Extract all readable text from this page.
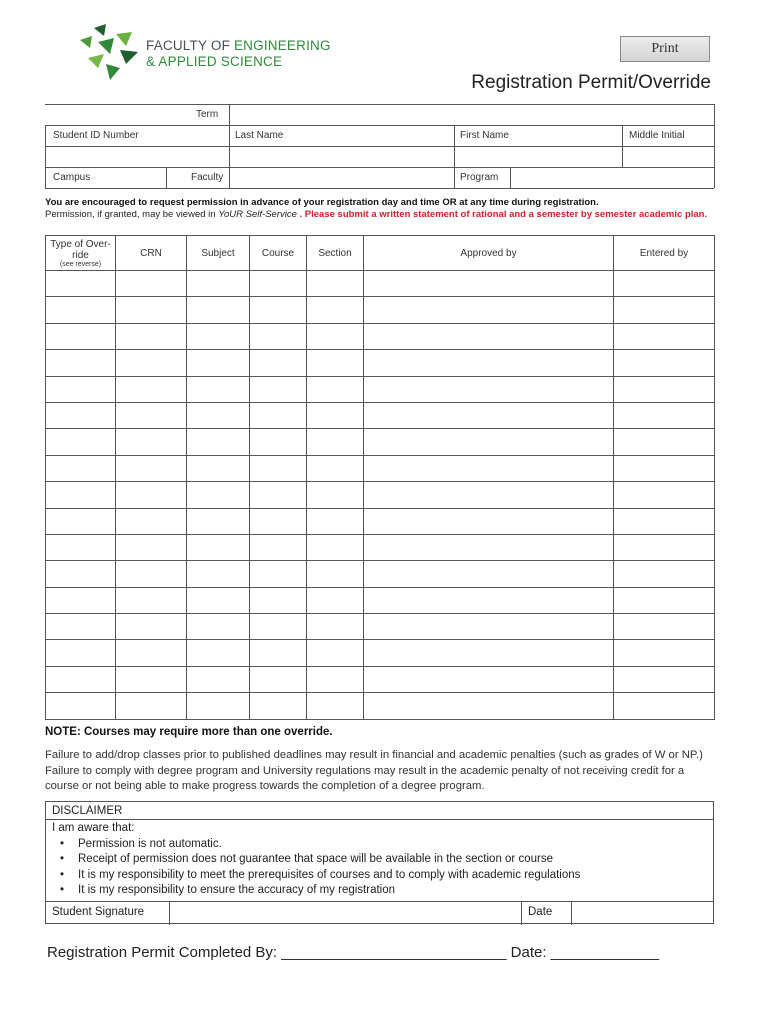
FACULTY OF ENGINEERING
& APPLIED SCIENCE
Print
Registration Permit/Override
Term
Student ID Number	Last Name	First Name	Middle Initial
Campus	Faculty	Program
You are encouraged to request permission in advance of your registration day and time OR at any time during registration.
Permission, if granted, may be viewed in YoUR Self-Service . Please submit a written statement of rational and a semester by semester academic plan.
Type of Over-ride
(see reverse)	CRN	Subject	Course	Section	Approved by	Entered by

NOTE: Courses may require more than one override.
Failure to add/drop classes prior to published deadlines may result in financial and academic penalties (such as grades of W or NP.) Failure to comply with degree program and University regulations may result in the academic penalty of not receiving credit for a course or not being able to make progress towards the completion of a degree program.
DISCLAIMER
I am aware that:
• Permission is not automatic.
• Receipt of permission does not guarantee that space will be available in the section or course
• It is my responsibility to meet the prerequisites of courses and to comply with academic regulations
• It is my responsibility to ensure the accuracy of my registration
Student Signature	Date
Registration Permit Completed By: ___________________________ Date: _____________
